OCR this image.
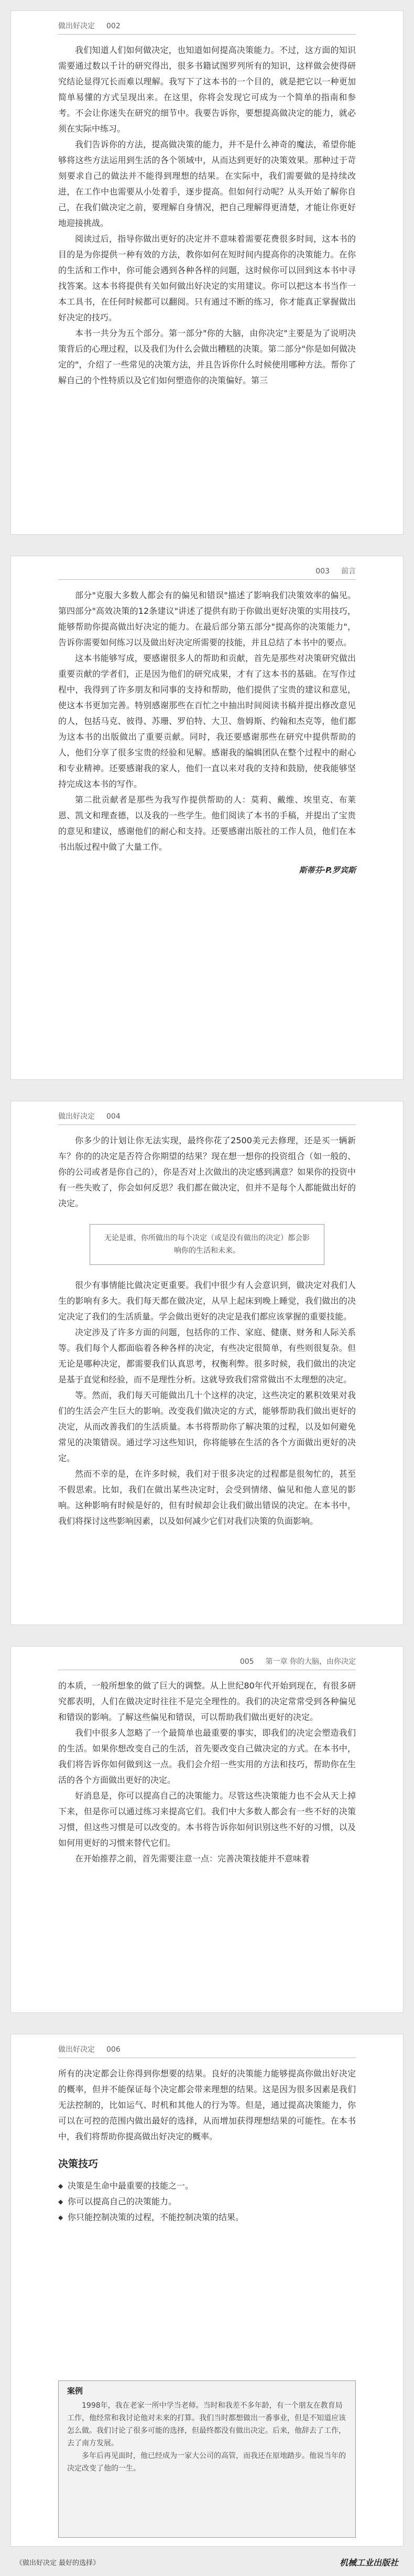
做出好决定 002

我们知道人们如何做决定，也知道如何提高决策能力。不过，这方面的知识需要通过数以千计的研究得出，很多书籍试图罗列所有的知识，这样做会使得研究结论显得冗长而难以理解。我写下了这本书的一个目的，就是把它以一种更加简单易懂的方式呈现出来。在这里，你将会发现它可成为一个简单的指南和参考。不会让你迷失在研究的细节中。我要告诉你，要想提高做决定的能力，就必须在实际中练习。

我们告诉你的方法，提高做决策的能力，并不是什么神奇的魔法，希望你能够将这些方法运用到生活的各个领域中，从而达到更好的决策效果。那种过于苛刻要求自己的做法并不能得到理想的结果。在实际中，我们需要做的是持续改进，在工作中也需要从小处着手，逐步提高。但如何行动呢？从头开始了解你自己，在我们做决定之前，要理解自身情况，把自己理解得更清楚，才能让你更好地迎接挑战。

阅读过后，指导你做出更好的决定并不意味着需要花费很多时间，这本书的目的是为你提供一种有效的方法，教你如何在短时间内提高你的决策能力。在你的生活和工作中，你可能会遇到各种各样的问题，这时候你可以回到这本书中寻找答案。这本书将提供有关如何做出好决定的实用建议。你可以把这本书当作一本工具书，在任何时候都可以翻阅。只有通过不断的练习，你才能真正掌握做出好决定的技巧。

本书一共分为五个部分。第一部分"你的大脑，由你决定"主要是为了说明决策背后的心理过程，以及我们为什么会做出糟糕的决策。第二部分"你是如何做决定的"，介绍了一些常见的决策方法，并且告诉你什么时候使用哪种方法。帮你了解自己的个性特质以及它们如何塑造你的决策偏好。第三

003 前言

部分"克服大多数人都会有的偏见和错误"描述了影响我们决策效率的偏见。第四部分"高效决策的12条建议"讲述了提供有助于你做出更好决策的实用技巧，能够帮助你提高做出好决定的能力。在最后部分第五部分"提高你的决策能力"，告诉你需要如何练习以及做出好决定所需要的技能，并且总结了本书中的要点。

这本书能够写成，要感谢很多人的帮助和贡献，首先是那些对决策研究做出重要贡献的学者们，正是因为他们的研究成果，才有了这本书的基础。在写作过程中，我得到了许多朋友和同事的支持和帮助，他们提供了宝贵的建议和意见，使这本书更加完善。特别感谢那些在百忙之中抽出时间阅读书稿并提出修改意见的人，包括马克、彼得、苏珊、罗伯特、大卫、詹姆斯、约翰和杰克等，他们都为这本书的出版做出了重要贡献。同时，我还要感谢那些在研究中提供帮助的人，他们分享了很多宝贵的经验和见解。感谢我的编辑团队在整个过程中的耐心和专业精神。还要感谢我的家人，他们一直以来对我的支持和鼓励，使我能够坚持完成这本书的写作。

第二批贡献者是那些为我写作提供帮助的人：莫莉、戴维、埃里克、布莱恩、凯文和理查德，以及我的一些学生。他们阅读了本书的手稿，并提出了宝贵的意见和建议，感谢他们的耐心和支持。还要感谢出版社的工作人员，他们在本书出版过程中做了大量工作。

斯蒂芬·P.罗宾斯
做出好决定 004

你多少的计划让你无法实现，最终你花了2500美元去修理，还是买一辆新车？你的的决定是否符合你期望的结果？现在想一想你的投资组合（如一般的、你的公司或者是你自己的），你是否对上次做出的决定感到满意？如果你的投资中有一些失败了，你会如何反思？我们都在做决定，但并不是每个人都能做出好的决定。

无论是谁，你所做出的每个决定（或是没有做出的决定）都会影响你的生活和未来。

很少有事情能比做决定更重要。我们中很少有人会意识到，做决定对我们人生的影响有多大。我们每天都在做决定，从早上起床到晚上睡觉，我们做出的决定决定了我们的生活质量。学会做出更好的决定是我们都应该掌握的重要技能。

决定涉及了许多方面的问题，包括你的工作、家庭、健康、财务和人际关系等。我们每个人都面临着各种各样的决定，有些决定很简单，有些则很复杂。但无论是哪种决定，都需要我们认真思考，权衡利弊。很多时候，我们做出的决定是基于直觉和经验，而不是理性分析。这就导致我们常常做出不太理想的决定。

等。然而，我们每天可能做出几十个这样的决定，这些决定的累积效果对我们的生活会产生巨大的影响。改变我们做决定的方式，能够帮助我们做出更好的决定，从而改善我们的生活质量。本书将帮助你了解决策的过程，以及如何避免常见的决策错误。通过学习这些知识，你将能够在生活的各个方面做出更好的决定。

然而不幸的是，在许多时候，我们对于很多决定的过程都是很匆忙的，甚至不假思索。比如，我们在做出某些决定时，会受到情绪、偏见和他人意见的影响。这种影响有时候是好的，但有时候却会让我们做出错误的决定。在本书中，我们将探讨这些影响因素，以及如何减少它们对我们决策的负面影响。

005 第一章 你的大脑，由你决定

的本质，一般所想象的做了巨大的调整。从上世纪80年代开始到现在，有很多研究都表明，人们在做决定时往往不是完全理性的。我们的决定常常受到各种偏见和错误的影响。了解这些偏见和错误，可以帮助我们做出更好的决定。

我们中很多人忽略了一个最简单也最重要的事实，即我们的决定会塑造我们的生活。如果你想改变自己的生活，首先要改变自己做决定的方式。在本书中，我们将告诉你如何做到这一点。我们会介绍一些实用的方法和技巧，帮助你在生活的各个方面做出更好的决定。

好消息是，你可以提高自己的决策能力。尽管这些决策能力也不会从天上掉下来，但是你可以通过练习来提高它们。我们中大多数人都会有一些不好的决策习惯，但这些习惯是可以改变的。本书将告诉你如何识别这些不好的习惯，以及如何用更好的习惯来替代它们。

在开始推荐之前，首先需要注意一点：完善决策技能并不意味着

做出好决定 006

所有的决定都会让你得到你想要的结果。良好的决策能力能够提高你做出好决定的概率，但并不能保证每个决定都会带来理想的结果。这是因为很多因素是我们无法控制的，比如运气、时机和其他人的行为等。但是，通过提高决策能力，你可以在可控的范围内做出最好的选择，从而增加获得理想结果的可能性。在本书中，我们将帮助你提高做出好决定的概率。

决策技巧
◆ 决策是生命中最重要的技能之一。
◆ 你可以提高自己的决策能力。
◆ 你只能控制决策的过程，不能控制决策的结果。
案例

1998年，我在老家一所中学当老师。当时和我差不多年龄，有一个朋友在教育局工作，他经常和我讨论他对未来的打算。我们当时都想做出一番事业，但是不知道应该怎么做。我们讨论了很多可能的选择，但最终都没有做出决定。后来，他辞去了工作，去了南方发展。

多年后再见面时，他已经成为一家大公司的高管，而我还在原地踏步。他说当年的决定改变了他的一生。

《做出好决定 最好的选择》	机械工业出版社
